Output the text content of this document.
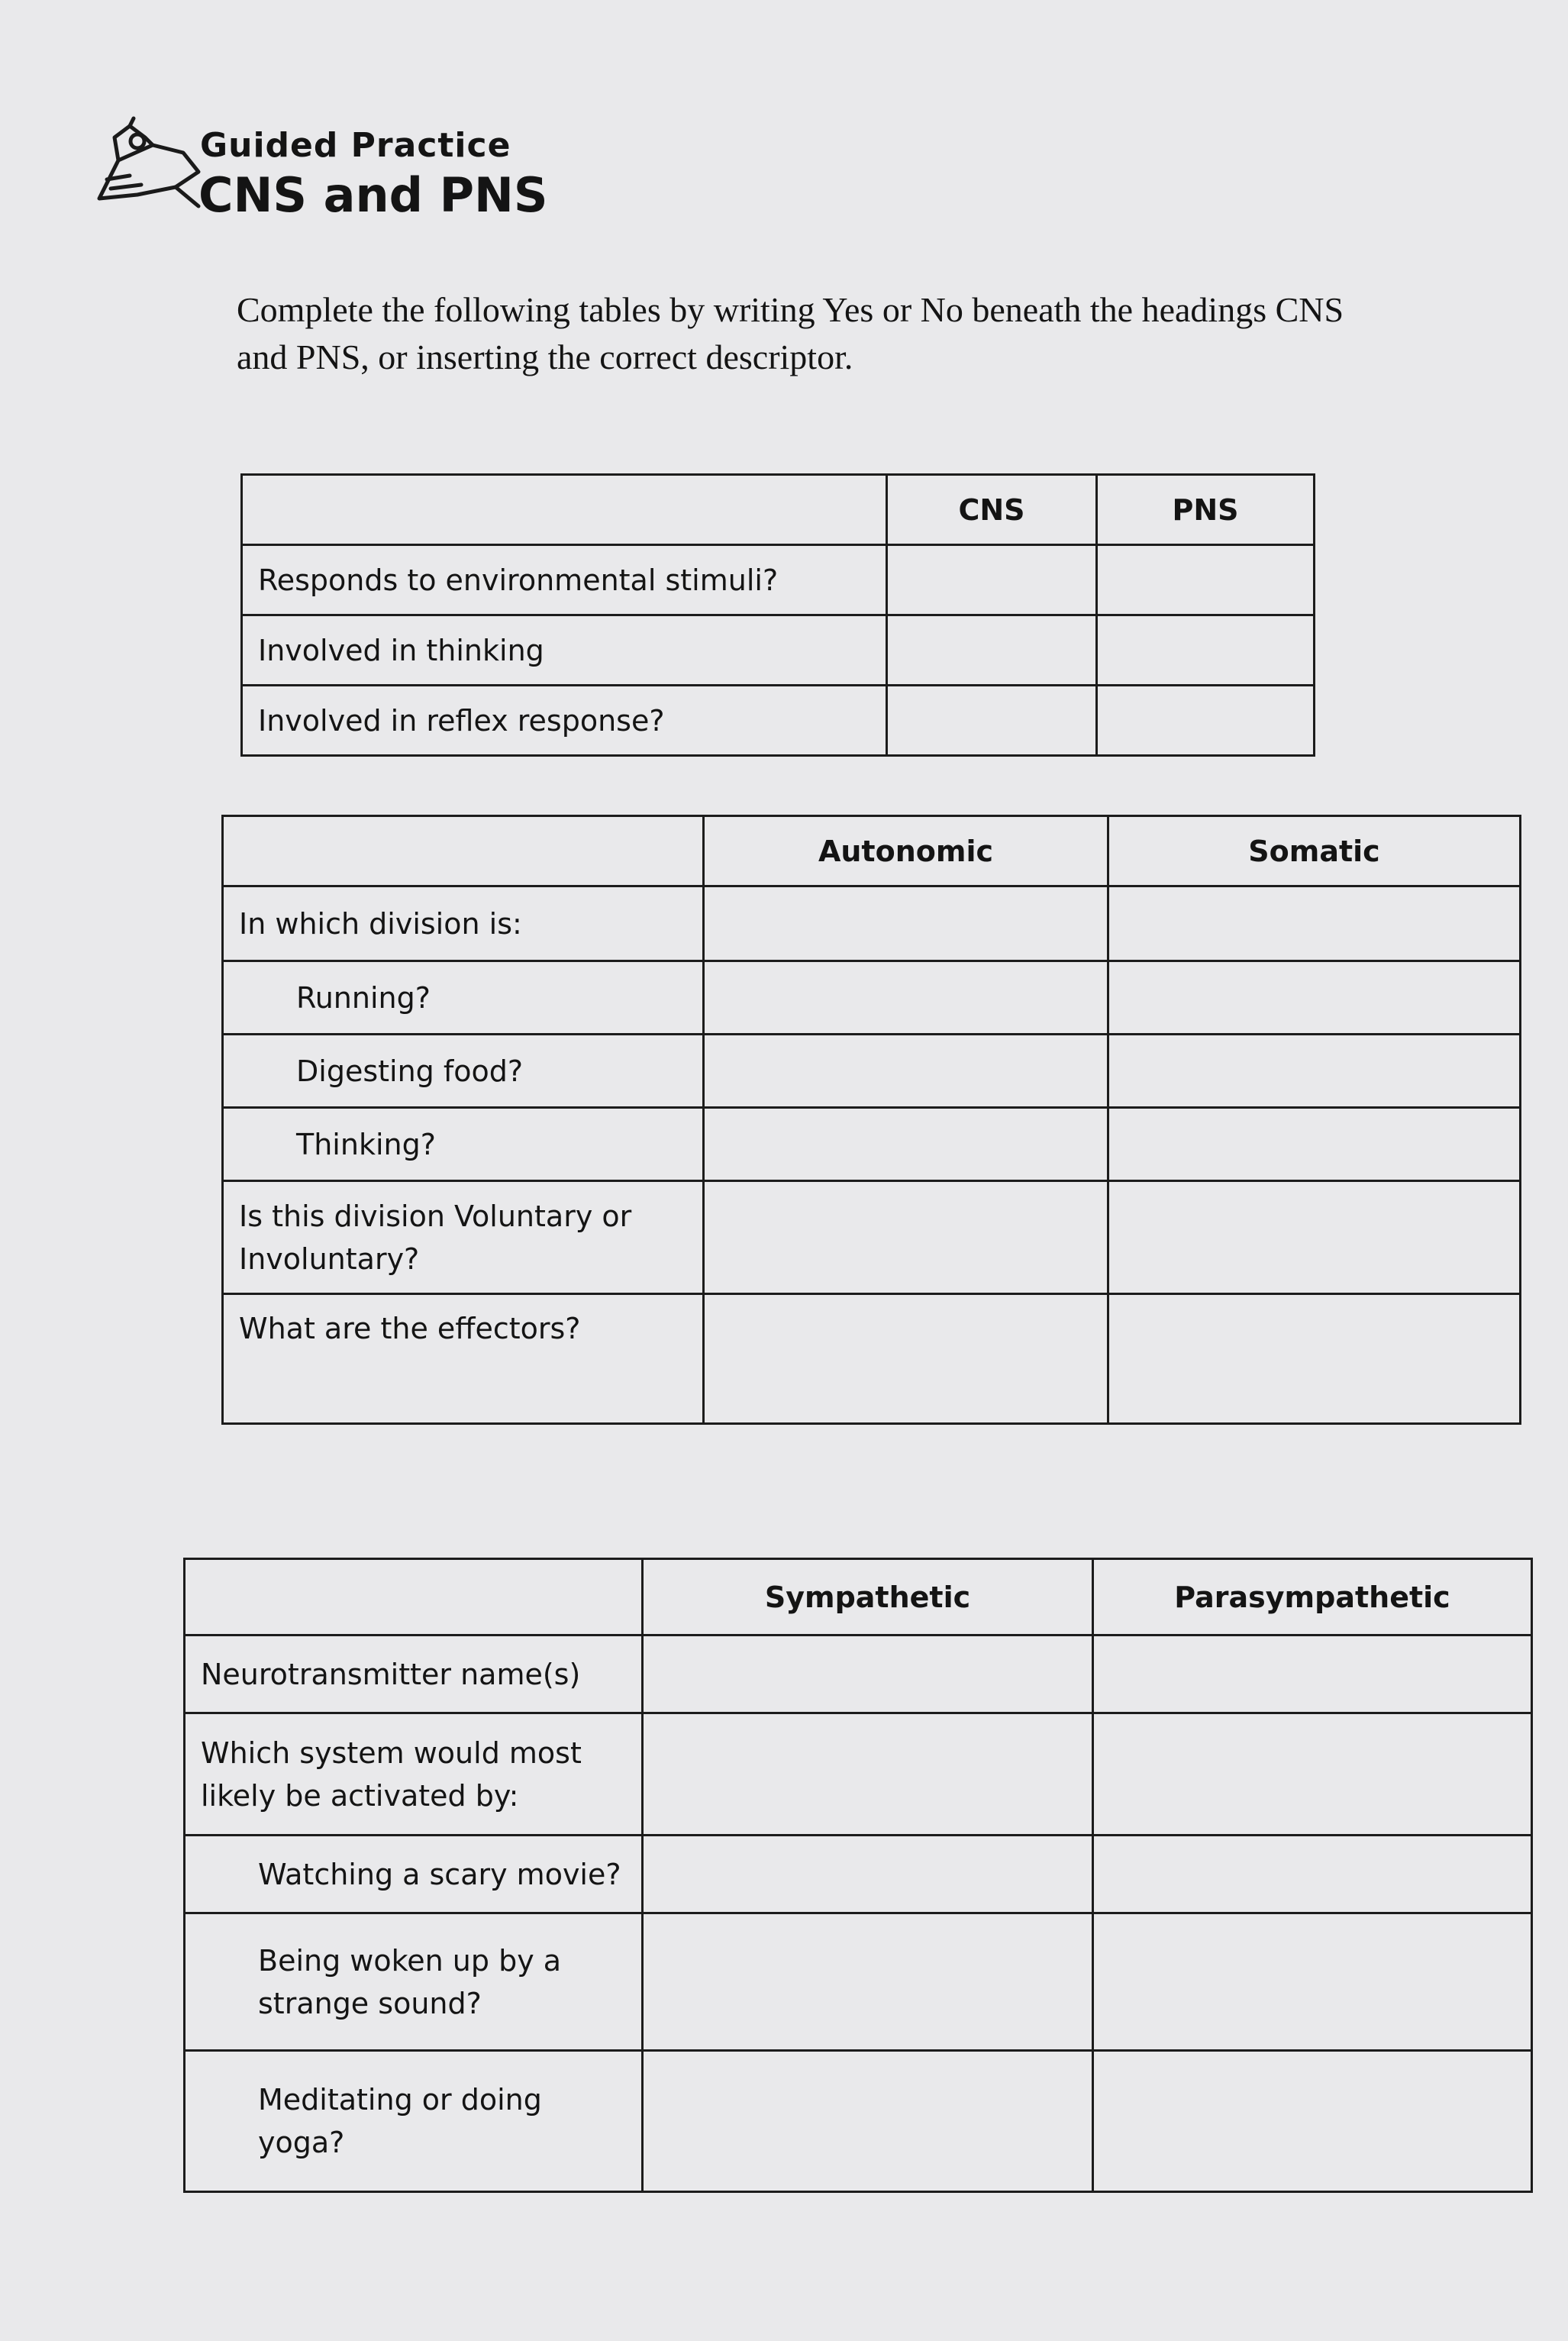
Guided Practice
CNS and PNS
Complete the following tables by writing Yes or No beneath the headings CNS and PNS, or inserting the correct descriptor.
	CNS	PNS
Responds to environmental stimuli?		
Involved in thinking		
Involved in reflex response?		
	Autonomic	Somatic
In which division is:		
Running?		
Digesting food?		
Thinking?		
Is this division Voluntary or Involuntary?		
What are the effectors?		
	Sympathetic	Parasympathetic
Neurotransmitter name(s)		
Which system would most likely be activated by:		
Watching a scary movie?		
Being woken up by a strange sound?		
Meditating or doing yoga?		
